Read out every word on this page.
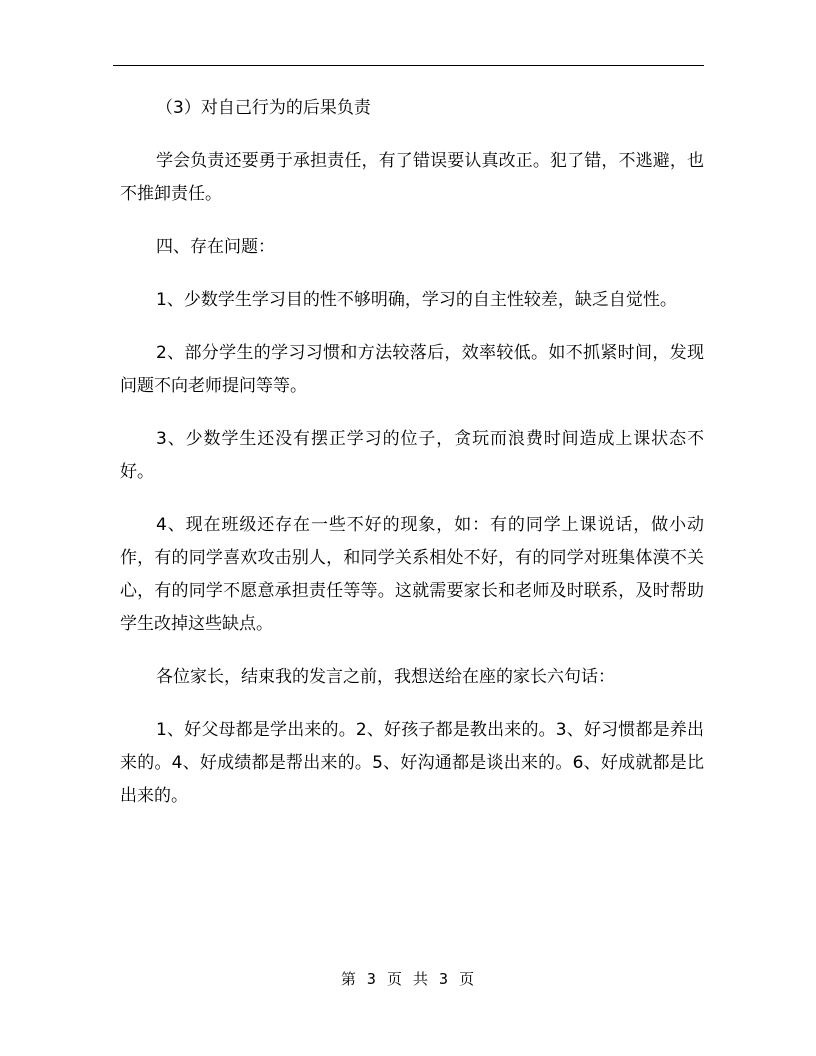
（3）对自己行为的后果负责

学会负责还要勇于承担责任，有了错误要认真改正。犯了错，不逃避，也不推卸责任。

四、存在问题：

1、少数学生学习目的性不够明确，学习的自主性较差，缺乏自觉性。

2、部分学生的学习习惯和方法较落后，效率较低。如不抓紧时间，发现问题不向老师提问等等。

3、少数学生还没有摆正学习的位子，贪玩而浪费时间造成上课状态不好。

4、现在班级还存在一些不好的现象，如：有的同学上课说话，做小动作，有的同学喜欢攻击别人，和同学关系相处不好，有的同学对班集体漠不关心，有的同学不愿意承担责任等等。这就需要家长和老师及时联系，及时帮助学生改掉这些缺点。

各位家长，结束我的发言之前，我想送给在座的家长六句话：

1、好父母都是学出来的。2、好孩子都是教出来的。3、好习惯都是养出来的。4、好成绩都是帮出来的。5、好沟通都是谈出来的。6、好成就都是比出来的。

第 3 页 共 3 页
